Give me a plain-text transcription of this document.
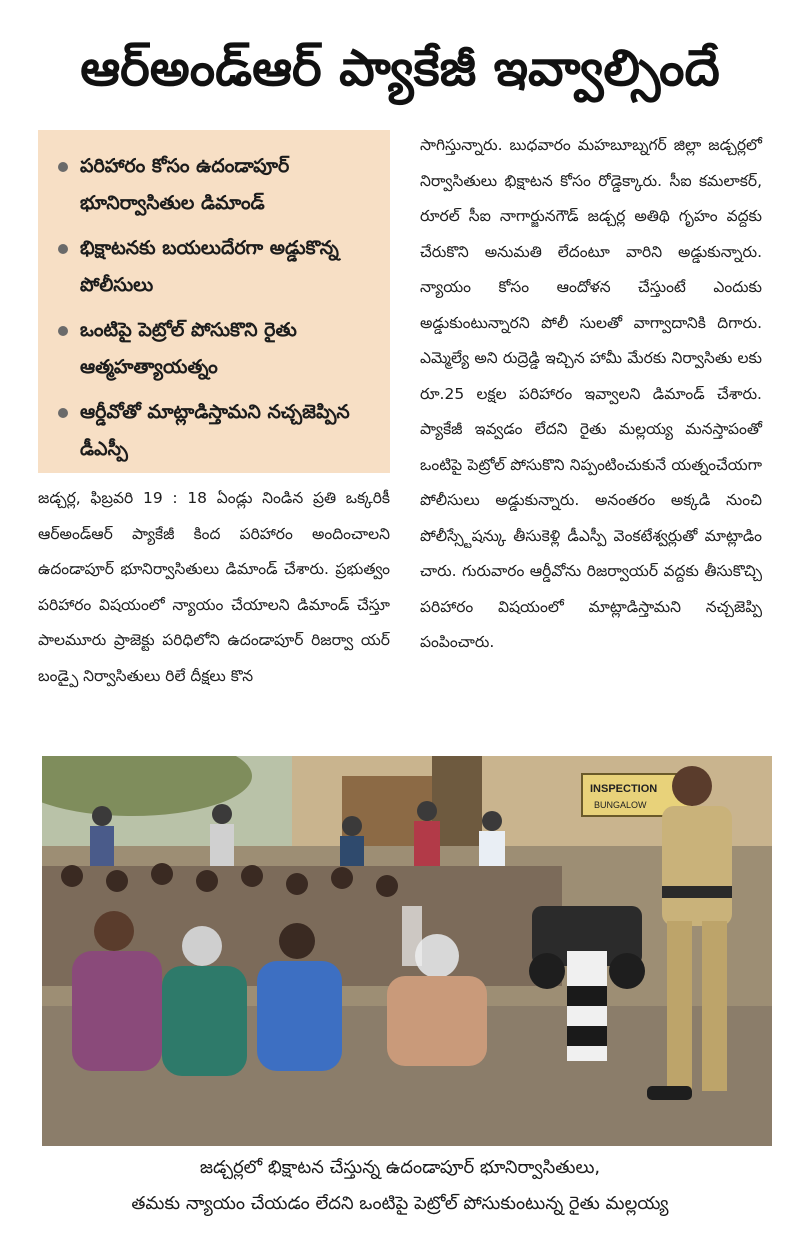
ఆర్అండ్ఆర్ ప్యాకేజీ ఇవ్వాల్సిందే
పరిహారం కోసం ఉదండాపూర్ భూనిర్వాసితుల డిమాండ్
భిక్షాటనకు బయలుదేరగా అడ్డుకొన్న పోలీసులు
ఒంటిపై పెట్రోల్ పోసుకొని రైతు ఆత్మహత్యాయత్నం
ఆర్డీవోతో మాట్లాడిస్తామని నచ్చజెప్పిన డీఎస్పీ
సాగిస్తున్నారు. బుధవారం మహబూబ్నగర్ జిల్లా జడ్చర్లలో నిర్వాసితులు భిక్షాటన కోసం రోడ్డెక్కారు. సీఐ కమలాకర్, రూరల్ సీఐ నాగార్జునగౌడ్ జడ్చర్ల అతిథి గృహం వద్దకు చేరుకొని అనుమతి లేదంటూ వారిని అడ్డుకున్నారు. న్యాయం కోసం ఆందోళన చేస్తుంటే ఎందుకు అడ్డుకుంటున్నారని పోలీ సులతో వాగ్వాదానికి దిగారు. ఎమ్మెల్యే అని రుద్రెడ్డి ఇచ్చిన హామీ మేరకు నిర్వాసితు లకు రూ.25 లక్షల పరిహారం ఇవ్వాలని డిమాండ్ చేశారు. ప్యాకేజీ ఇవ్వడం లేదని రైతు మల్లయ్య మనస్తాపంతో ఒంటిపై పెట్రోల్ పోసుకొని నిప్పంటించుకునే యత్నంచేయగా పోలీసులు అడ్డుకున్నారు. అనంతరం అక్కడి నుంచి పోలీస్స్టేషన్కు తీసుకెళ్లి డీఎస్పీ వెంకటేశ్వర్లుతో మాట్లాడిం చారు. గురువారం ఆర్డీవోను రిజర్వాయర్ వద్దకు తీసుకొచ్చి పరిహారం విషయంలో మాట్లాడిస్తామని నచ్చజెప్పి పంపించారు.
జడ్చర్ల, ఫిబ్రవరి 19 : 18 ఏండ్లు నిండిన ప్రతి ఒక్కరికీ ఆర్అండ్ఆర్ ప్యాకేజీ కింద పరిహారం అందించాలని ఉదండాపూర్ భూనిర్వాసితులు డిమాండ్ చేశారు. ప్రభుత్వం పరిహారం విషయంలో న్యాయం చేయాలని డిమాండ్ చేస్తూ పాలమూరు ప్రాజెక్టు పరిధిలోని ఉదండాపూర్ రిజర్వా యర్ బండ్పై నిర్వాసితులు రిలే దీక్షలు కొన
INSPECTION
BUNGALOW
జడ్చర్లలో భిక్షాటన చేస్తున్న ఉదండాపూర్ భూనిర్వాసితులు,
తమకు న్యాయం చేయడం లేదని ఒంటిపై పెట్రోల్ పోసుకుంటున్న రైతు మల్లయ్య
